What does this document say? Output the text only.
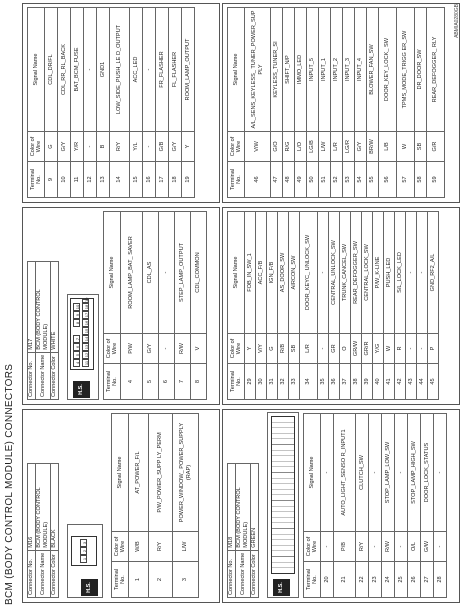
BCM (BODY CONTROL MODULE) CONNECTORS
ABMIA0280GB
Connector No.	M16
Connector Name	BCM (BODY CONTROL MODULE)
Connector Color	BLACK
H.S.
1
2
3
Terminal No.	Color of Wire	Signal Name
1	W/B	AT_POWER_F/L
2	R/Y	P/W_POWER_SUPP LY_PERM
3	L/W	POWER_WINDOW_ POWER_SUPPLY (RAP)
Connector No.	M18
Connector Name	BCM (BODY CONTROL MODULE)
Connector Color	GREEN
H.S.	Terminal No.	Color of Wire	Signal Name
20	-	-
21	P/B	AUTO_LIGHT_SENSO R_INPUT1
22	R/Y	CLUTCH_SW
23	-	-
24	R/W	STOP_LAMP_LOW_SW
25	-	-
26	O/L	STOP_LAMP_HIGH_SW
27	G/W	DOOR_LOCK_STATUS
28	-	-
Connector No.	M17
Connector Name	BCM (BODY CONTROL MODULE)
Connector Color	WHITE
H.S.
4
5
6
7
8
9
10
11
12
13
14
15
16
17
18
19
Terminal No.	Color of Wire	Signal Name
4	P/W	ROOM_LAMP_BAT_ SAVER
5	G/Y	CDL_AS
6	-	-
7	R/W	STEP_LAMP_OUTPUT
8	V	CDL_COMMON
Terminal No.	Color of Wire	Signal Name
29	Y	FOB_IN_SW_1
30	V/Y	ACC_F/B
31	G	IGN_F/B
32	R/B	AS_DOOR_SW
33	SB	AIRCON_SW
34	L/R	DOOR_KEYC_ UNLOCK_SW
35	-	-
36	GR	CENTRAL_UNLOCK_SW
37	O	TRUNK_CANCEL_SW
38	GR/W	REAR_DEFOGGER_SW
39	GR/R	CENTRAL_LOCK_SW
40	Y/G	P/W_K-LINE
41	W	PUSH_LED
42	R	S/L_LOCK_LED
43	-	-
44	-	-
45	P	GND_RF2_A/L
Terminal No.	Color of Wire	Signal Name
9	G	CDL_DR/FL
10	G/Y	CDL_RR_RL_BACK
11	Y/R	BAT_BCM_FUSE
12	-	-
13	B	GND1
14	R/Y	LOW_SIDE_PUSH_LE D_OUTPUT
15	Y/L	ACC_LED
16	-	-
17	G/B	FR_FLASHER
18	G/Y	FL_FLASHER
19	Y	ROOM_LAMP_OUTPUT
Terminal No.	Color of Wire	Signal Name
46	V/W	A/L_SENS_KEYLESS_ TUNER_POWER_SUP PLY
47	G/O	KEYLESS_TUNER_SI
48	R/G	SHIFT_N/P
49	L/O	IMMO_LED
50	LG/B	INPUT_5
51	L/W	INPUT_1
52	L/R	INPUT_2
53	LG/R	INPUT_3
54	G/Y	INPUT_4
55	BR/W	BLOWER_FAN_SW
56	L/B	DOOR_KEY_LOCK_ SW
57	W	TPMS_MODE_TRIGG ER_SW
58	SB	DR_DOOR_SW
59	G/R	REAR_DEFOGGER_ RLY
